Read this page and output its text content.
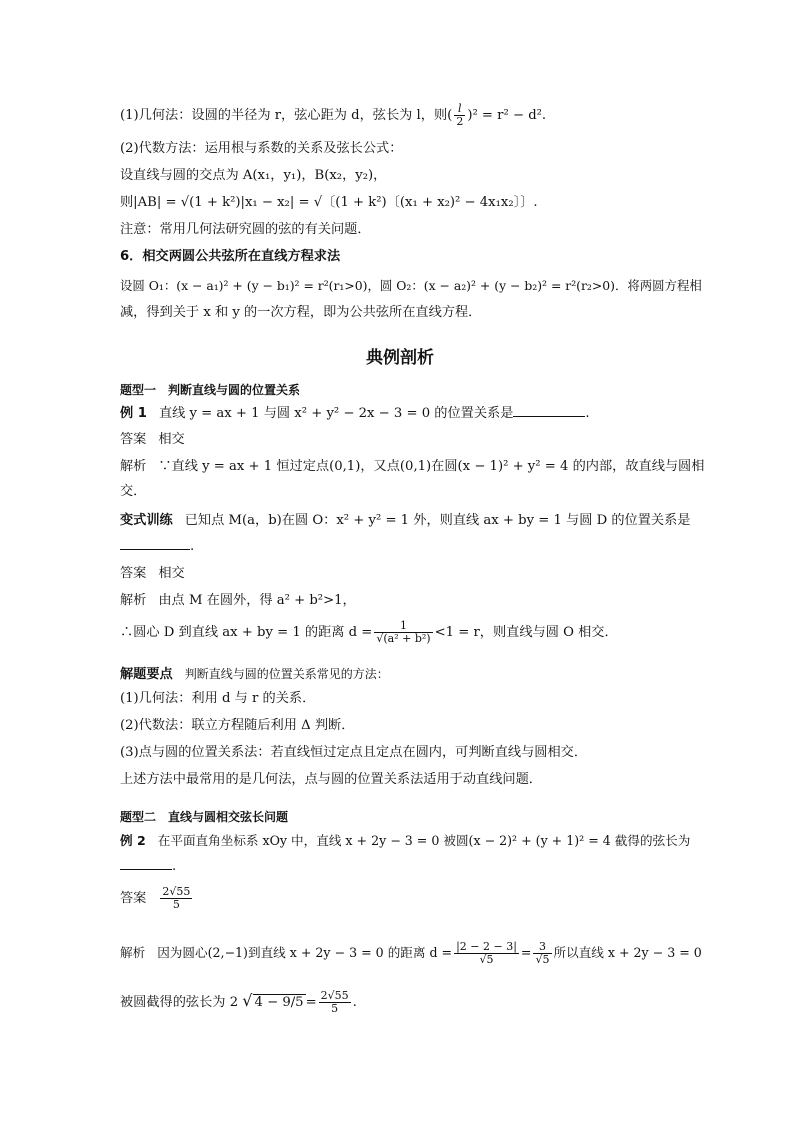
(1)几何法：设圆的半径为 r，弦心距为 d，弦长为 l，则( $\frac{l}{2} )^2 = r^2 - d^2$.
(2)代数方法：运用根与系数的关系及弦长公式：
设直线与圆的交点为 A(x₁，y₁)，B(x₂，y₂)，
则|AB| = √(1 + k²)|x₁ − x₂| = √〔(1 + k²)〔(x₁ + x₂)² − 4x₁x₂〕〕.
注意：常用几何法研究圆的弦的有关问题．
6．相交两圆公共弦所在直线方程求法
设圆 O₁：(x − a₁)² + (y − b₁)² = r²(r₁>0)，圆 O₂：(x − a₂)² + (y − b₂)² = r²(r₂>0)．将两圆方程相
减，得到关于 x 和 y 的一次方程，即为公共弦所在直线方程．
典例剖析
题型一　判断直线与圆的位置关系
例 1 直线 y = ax + 1 与圆 x² + y² − 2x − 3 = 0 的位置关系是	.
答案 相交
解析 ∵直线 y = ax + 1 恒过定点(0,1)，又点(0,1)在圆(x − 1)² + y² = 4 的内部，故直线与圆相
交．
变式训练 已知点 M(a，b)在圆 O：x² + y² = 1 外，则直线 ax + by = 1 与圆 D 的位置关系是
.
答案 相交
解析 由点 M 在圆外，得 a² + b²>1，
∴圆心 D 到直线 ax + by = 1 的距离 $d = \frac{1}{\text{√(a² + b²)}} <1 = r$，则直线与圆 O 相交．
解题要点 判断直线与圆的位置关系常见的方法：
(1)几何法：利用 d 与 r 的关系．
(2)代数法：联立方程随后利用 Δ 判断．
(3)点与圆的位置关系法：若直线恒过定点且定点在圆内，可判断直线与圆相交．
上述方法中最常用的是几何法，点与圆的位置关系法适用于动直线问题．
题型二　直线与圆相交弦长问题
例 2 在平面直角坐标系 xOy 中，直线 x + 2y − 3 = 0 被圆(x − 2)² + (y + 1)² = 4 截得的弦长为
.
答案 $\frac{2√55}{5}$
解析 因为圆心(2,−1)到直线 x + 2y − 3 = 0 的距离 $d = \frac{|2 - 2 - 3|}{√5} = \frac{3}{√5}$ 所以直线 x + 2y − 3 = 0
被圆截得的弦长为 2 √ $4 - 9/5 = \frac{2√55}{5}$ .
